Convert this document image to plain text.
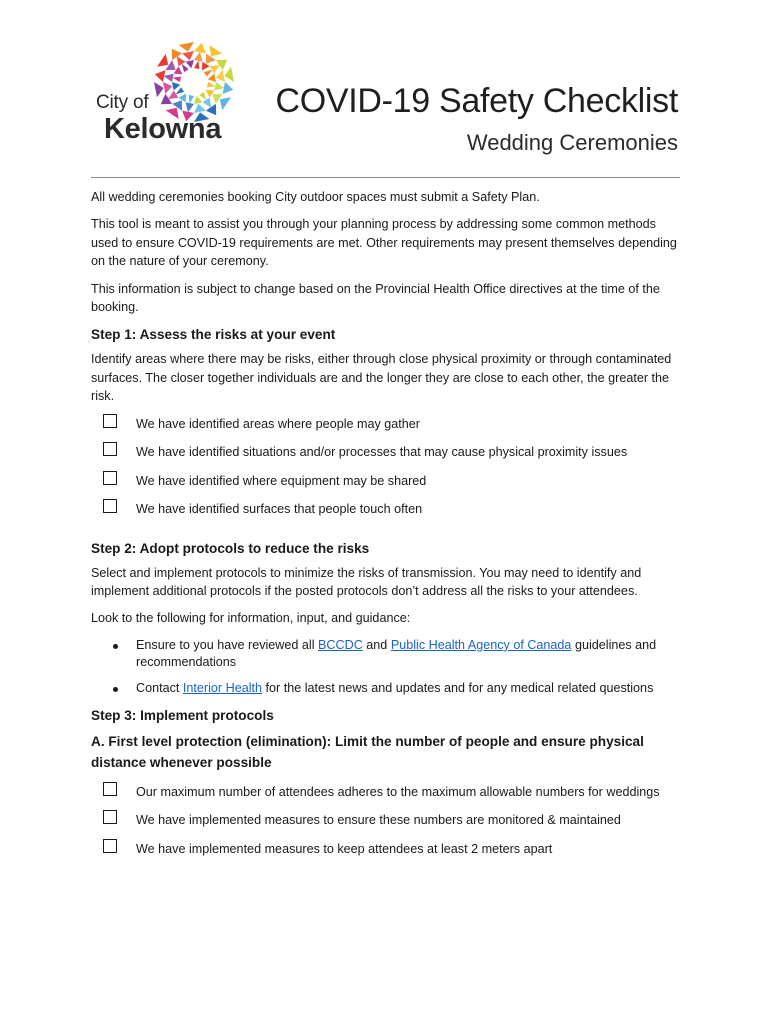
City of
Kelowna
COVID-19 Safety Checklist
Wedding Ceremonies

All wedding ceremonies booking City outdoor spaces must submit a Safety Plan.

This tool is meant to assist you through your planning process by addressing some common methods used to ensure COVID-19 requirements are met. Other requirements may present themselves depending on the nature of your ceremony.

This information is subject to change based on the Provincial Health Office directives at the time of the booking.

Step 1: Assess the risks at your event

Identify areas where there may be risks, either through close physical proximity or through contaminated surfaces. The closer together individuals are and the longer they are close to each other, the greater the risk.

We have identified areas where people may gather
We have identified situations and/or processes that may cause physical proximity issues
We have identified where equipment may be shared
We have identified surfaces that people touch often
Step 2: Adopt protocols to reduce the risks

Select and implement protocols to minimize the risks of transmission. You may need to identify and implement additional protocols if the posted protocols don’t address all the risks to your attendees.

Look to the following for information, input, and guidance:

Ensure to you have reviewed all BCCDC and Public Health Agency of Canada guidelines and recommendations
Contact Interior Health for the latest news and updates and for any medical related questions
Step 3: Implement protocols
A. First level protection (elimination): Limit the number of people and ensure physical distance whenever possible
Our maximum number of attendees adheres to the maximum allowable numbers for weddings
We have implemented measures to ensure these numbers are monitored & maintained
We have implemented measures to keep attendees at least 2 meters apart
